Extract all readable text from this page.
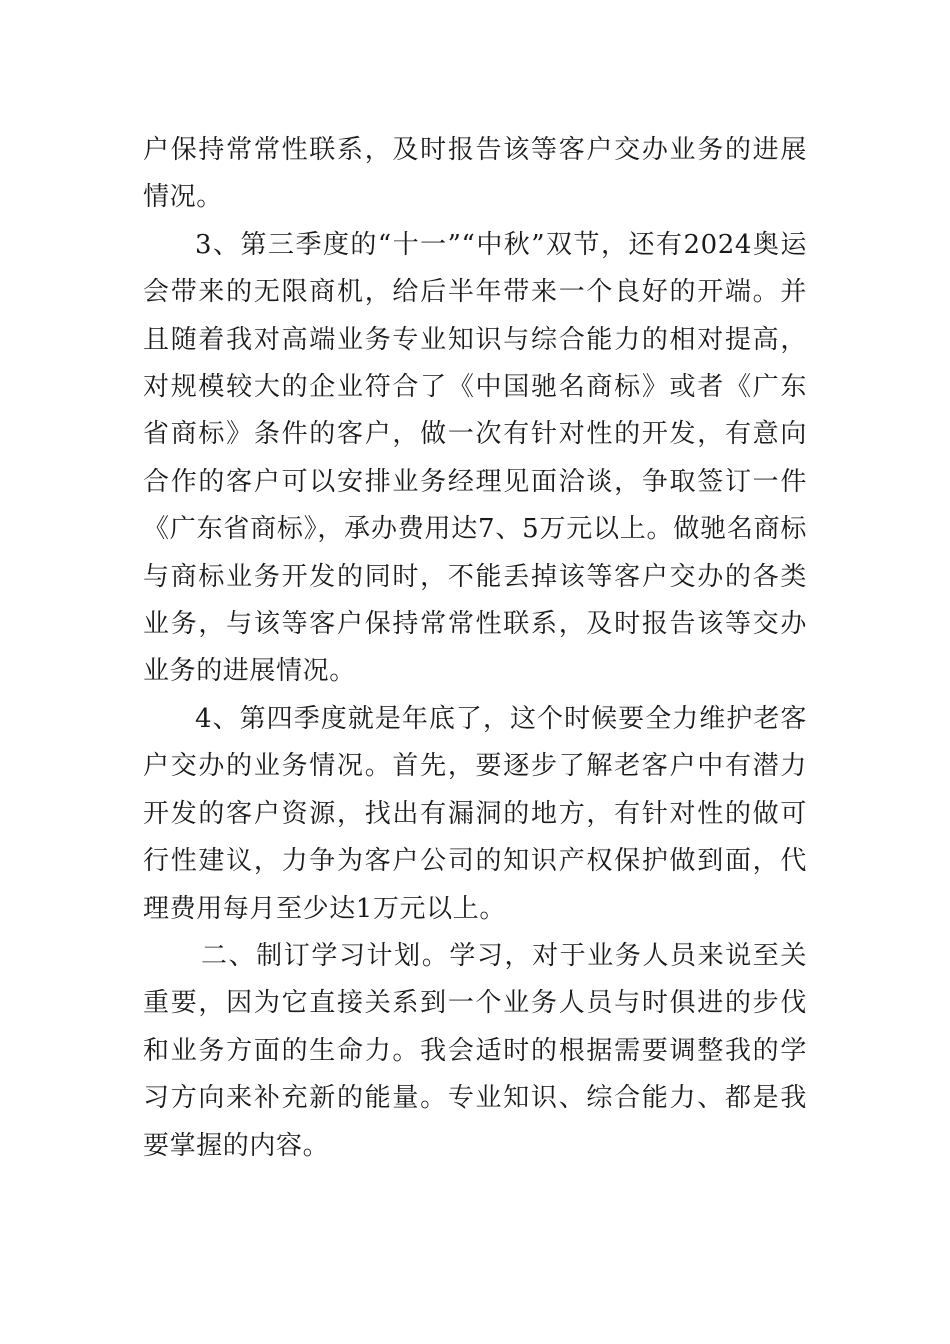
户保持常常性联系，及时报告该等客户交办业务的进展情况。

3、第三季度的“十一”“中秋”双节，还有2024奥运会带来的无限商机，给后半年带来一个良好的开端。并且随着我对高端业务专业知识与综合能力的相对提高，对规模较大的企业符合了《中国驰名商标》或者《广东省商标》条件的客户，做一次有针对性的开发，有意向合作的客户可以安排业务经理见面洽谈，争取签订一件《广东省商标》，承办费用达7、5万元以上。做驰名商标与商标业务开发的同时，不能丢掉该等客户交办的各类业务，与该等客户保持常常性联系，及时报告该等交办业务的进展情况。

4、第四季度就是年底了，这个时候要全力维护老客户交办的业务情况。首先，要逐步了解老客户中有潜力开发的客户资源，找出有漏洞的地方，有针对性的做可行性建议，力争为客户公司的知识产权保护做到面，代理费用每月至少达1万元以上。

二、制订学习计划。学习，对于业务人员来说至关重要，因为它直接关系到一个业务人员与时俱进的步伐和业务方面的生命力。我会适时的根据需要调整我的学习方向来补充新的能量。专业知识、综合能力、都是我要掌握的内容。
